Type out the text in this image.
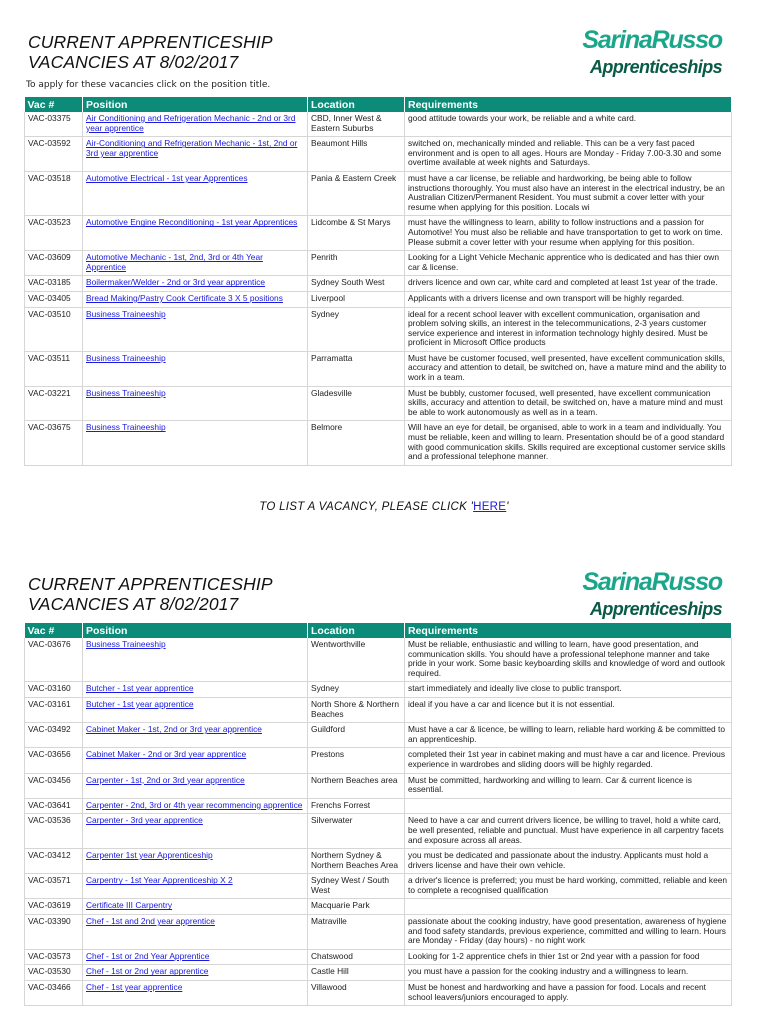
CURRENT APPRENTICESHIP
VACANCIES AT 8/02/2017
SarinaRusso
Apprenticeships
To apply for these vacancies click on the position title.
Vac #	Position	Location	Requirements
VAC-03375	Air Conditioning and Refrigeration Mechanic - 2nd or 3rd year apprentice	CBD, Inner West & Eastern Suburbs	good attitude towards your work, be reliable and a white card.
VAC-03592	Air-Conditioning and Refrigeration Mechanic - 1st, 2nd or 3rd year apprentice	Beaumont Hills	switched on, mechanically minded and reliable. This can be a very fast paced environment and is open to all ages. Hours are Monday - Friday 7.00-3.30 and some overtime available at week nights and Saturdays.
VAC-03518	Automotive Electrical - 1st year Apprentices	Pania & Eastern Creek	must have a car license, be reliable and hardworking, be being able to follow instructions thoroughly. You must also have an interest in the electrical industry, be an Australian Citizen/Permanent Resident. You must submit a cover letter with your resume when applying for this position. Locals wi
VAC-03523	Automotive Engine Reconditioning - 1st year Apprentices	Lidcombe & St Marys	must have the willingness to learn, ability to follow instructions and a passion for Automotive! You must also be reliable and have transportation to get to work on time. Please submit a cover letter with your resume when applying for this position.
VAC-03609	Automotive Mechanic - 1st, 2nd, 3rd or 4th Year Apprentice	Penrith	Looking for a Light Vehicle Mechanic apprentice who is dedicated and has thier own car & license.
VAC-03185	Boilermaker/Welder - 2nd or 3rd year apprentice	Sydney South West	drivers licence and own car, white card and completed at least 1st year of the trade.
VAC-03405	Bread Making/Pastry Cook Certificate 3 X 5 positions	Liverpool	Applicants with a drivers license and own transport will be highly regarded.
VAC-03510	Business Traineeship	Sydney	ideal for a recent school leaver with excellent communication, organisation and problem solving skills, an interest in the telecommunications, 2-3 years customer service experience and interest in information technology highly desired. Must be proficient in Microsoft Office products
VAC-03511	Business Traineeship	Parramatta	Must have be customer focused, well presented, have excellent communication skills, accuracy and attention to detail, be switched on, have a mature mind and the ability to work in a team.
VAC-03221	Business Traineeship	Gladesville	Must be bubbly, customer focused, well presented, have excellent communication skills, accuracy and attention to detail, be switched on, have a mature mind and must be able to work autonomously as well as in a team.
VAC-03675	Business Traineeship	Belmore	Will have an eye for detail, be organised, able to work in a team and individually. You must be reliable, keen and willing to learn. Presentation should be of a good standard with good communication skills. Skills required are exceptional customer service skills and a professional telephone manner.
TO LIST A VACANCY, PLEASE CLICK 'HERE'
CURRENT APPRENTICESHIP
VACANCIES AT 8/02/2017
SarinaRusso
Apprenticeships
Vac #	Position	Location	Requirements
VAC-03676	Business Traineeship	Wentworthville	Must be reliable, enthusiastic and willing to learn, have good presentation, and communication skills. You should have a professional telephone manner and take pride in your work. Some basic keyboarding skills and knowledge of word and outlook required.
VAC-03160	Butcher - 1st year apprentice	Sydney	start immediately and ideally live close to public transport.
VAC-03161	Butcher - 1st year apprentice	North Shore & Northern Beaches	ideal if you have a car and licence but it is not essential.
VAC-03492	Cabinet Maker - 1st, 2nd or 3rd year apprentice	Guildford	Must have a car & licence, be willing to learn, reliable hard working & be committed to an apprenticeship.
VAC-03656	Cabinet Maker - 2nd or 3rd year apprentice	Prestons	completed their 1st year in cabinet making and must have a car and licence. Previous experience in wardrobes and sliding doors will be highly regarded.
VAC-03456	Carpenter - 1st, 2nd or 3rd year apprentice	Northern Beaches area	Must be committed, hardworking and willing to learn. Car & current licence is essential.
VAC-03641	Carpenter - 2nd, 3rd or 4th year recommencing apprentice	Frenchs Forrest	
VAC-03536	Carpenter - 3rd year apprentice	Silverwater	Need to have a car and current drivers licence, be willing to travel, hold a white card, be well presented, reliable and punctual. Must have experience in all carpentry facets and exposure across all areas.
VAC-03412	Carpenter 1st year Apprenticeship	Northern Sydney & Northern Beaches Area	you must be dedicated and passionate about the industry. Applicants must hold a drivers license and have their own vehicle.
VAC-03571	Carpentry - 1st Year Apprenticeship X 2	Sydney West / South West	a driver's licence is preferred; you must be hard working, committed, reliable and keen to complete a recognised qualification
VAC-03619	Certificate III Carpentry	Macquarie Park	
VAC-03390	Chef - 1st and 2nd year apprentice	Matraville	passionate about the cooking industry, have good presentation, awareness of hygiene and food safety standards, previous experience, committed and willing to learn. Hours are Monday - Friday (day hours) - no night work
VAC-03573	Chef - 1st or 2nd Year Apprentice	Chatswood	Looking for 1-2 apprentice chefs in thier 1st or 2nd year with a passion for food
VAC-03530	Chef - 1st or 2nd year apprentice	Castle Hill	you must have a passion for the cooking industry and a willingness to learn.
VAC-03466	Chef - 1st year apprentice	Villawood	Must be honest and hardworking and have a passion for food. Locals and recent school leavers/juniors encouraged to apply.
